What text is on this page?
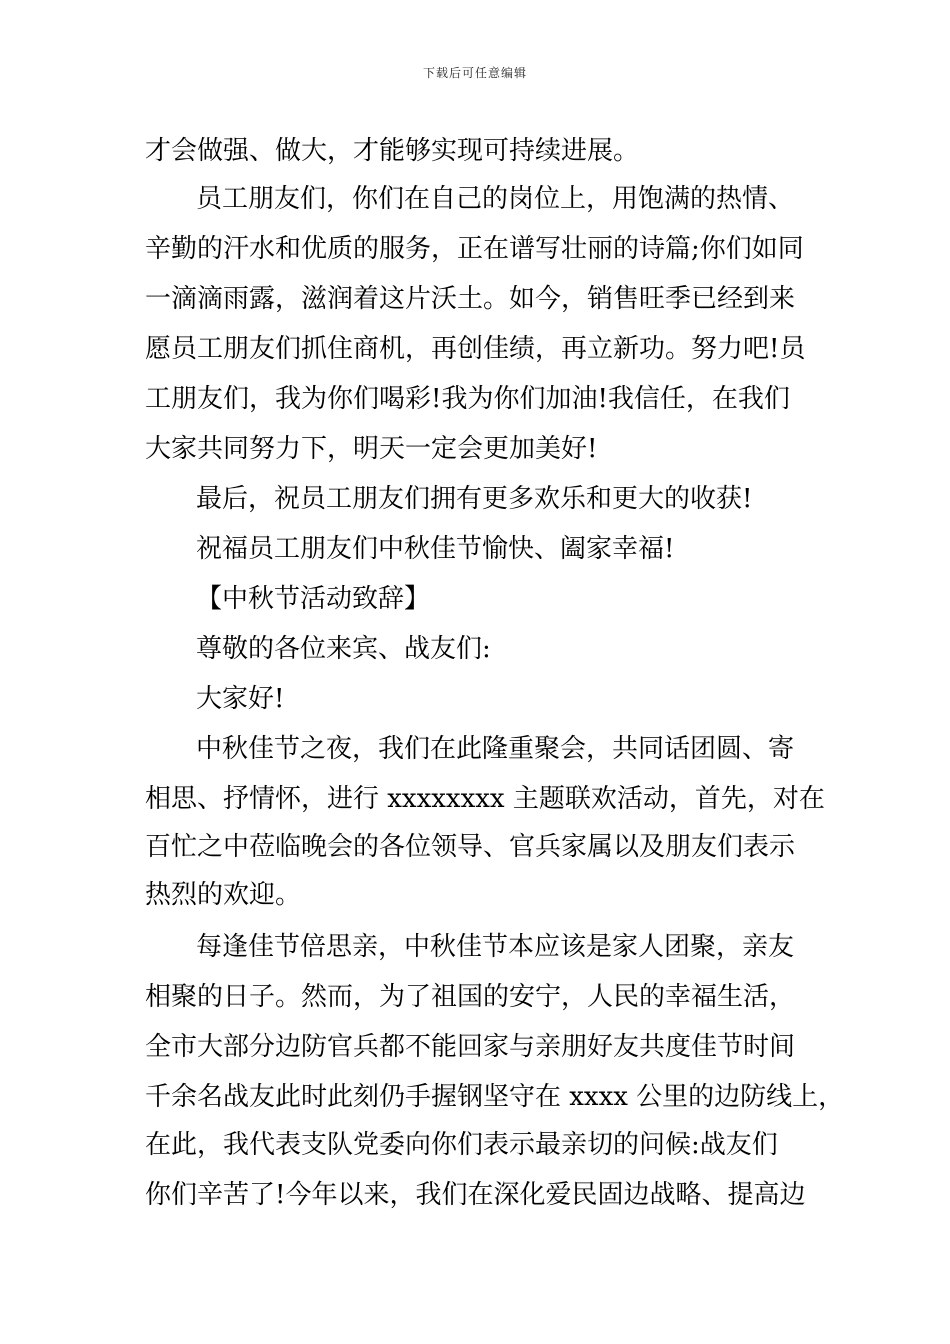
下载后可任意编辑
才会做强、做大，才能够实现可持续进展。
员工朋友们，你们在自己的岗位上，用饱满的热情、
辛勤的汗水和优质的服务，正在谱写壮丽的诗篇;你们如同
一滴滴雨露，滋润着这片沃土。如今，销售旺季已经到来
愿员工朋友们抓住商机，再创佳绩，再立新功。努力吧!员
工朋友们，我为你们喝彩!我为你们加油!我信任，在我们
大家共同努力下，明天一定会更加美好!
最后，祝员工朋友们拥有更多欢乐和更大的收获!
祝福员工朋友们中秋佳节愉快、阖家幸福!
【中秋节活动致辞】
尊敬的各位来宾、战友们:
大家好!
中秋佳节之夜，我们在此隆重聚会，共同话团圆、寄
相思、抒情怀，进行 xxxxxxxx 主题联欢活动，首先，对在
百忙之中莅临晚会的各位领导、官兵家属以及朋友们表示
热烈的欢迎。
每逢佳节倍思亲，中秋佳节本应该是家人团聚，亲友
相聚的日子。然而，为了祖国的安宁，人民的幸福生活，
全市大部分边防官兵都不能回家与亲朋好友共度佳节时间
千余名战友此时此刻仍手握钢坚守在 xxxx 公里的边防线上，
在此，我代表支队党委向你们表示最亲切的问候:战友们
你们辛苦了!今年以来，我们在深化爱民固边战略、提高边
